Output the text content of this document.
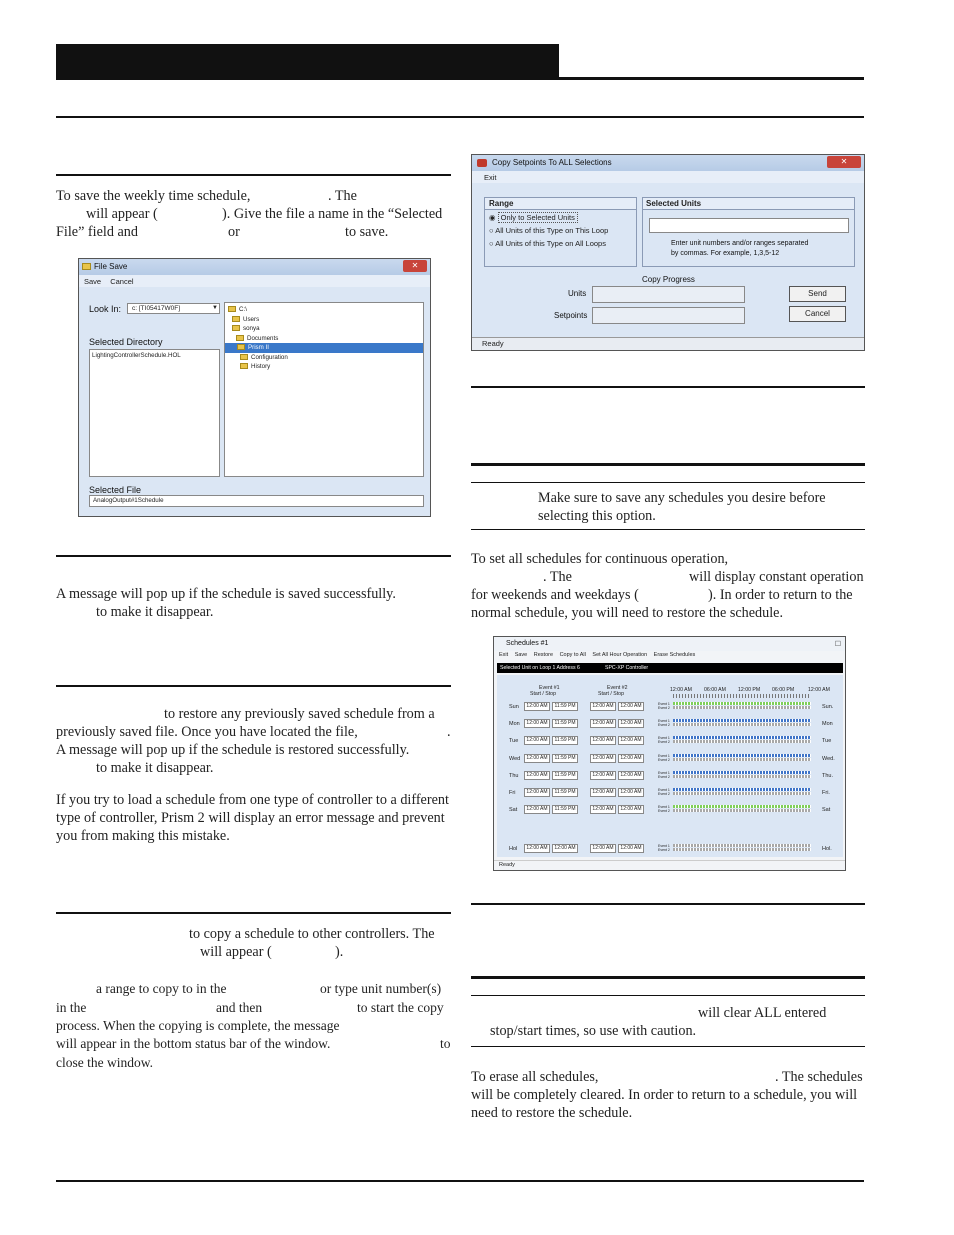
To save the weekly time schedule,	. The
will appear (	). Give the file a name in the “Selected
File” field and	or	to save.
File Save	✕
Save Cancel
Look In:	c: [TI05417W0F]	▼
Selected Directory
LightingControllerSchedule.HOL
C:\
Users
sonya
Documents
Prism II
Configuration
History
Selected File
AnalogOutput#1Schedule
A message will pop up if the schedule is saved successfully.
to make it disappear.
to restore any previously saved schedule from a
previously saved file. Once you have located the file,	.
A message will pop up if the schedule is restored successfully.
to make it disappear.
If you try to load a schedule from one type of controller to a different
type of controller, Prism 2 will display an error message and prevent
you from making this mistake.
to copy a schedule to other controllers. The
will appear (	).
a range to copy to in the	or type unit number(s)
in the	and then	to start the copy
process. When the copying is complete, the message
will appear in the bottom status bar of the window.	to
close the window.
Copy Setpoints To ALL Selections	✕
Exit
Range
◉ Only to Selected Units
○ All Units of this Type on This Loop
○ All Units of this Type on All Loops
Selected Units
Enter unit numbers and/or ranges separated
by commas. For example, 1,3,5-12
Copy Progress
Units
Setpoints
Send
Cancel
Ready
Make sure to save any schedules you desire before
selecting this option.
To set all schedules for continuous operation,
. The	will display constant operation
for weekends and weekdays (	). In order to return to the
normal schedule, you will need to restore the schedule.
Schedules #1	☐
Exit Save Restore Copy to All Set All Hour Operation Erase Schedules
Selected Unit on Loop 1 Address 6	SPC-XP Controller
Event #1
Start / Stop
Event #2
Start / Stop
12:00 AM 06:00 AM 12:00 PM 06:00 PM	12:00 AM
Sun	12:00 AM	11:59 PM	12:00 AM	12:00 AM	Event 1
Event 2	Sun.
Mon	12:00 AM	11:59 PM	12:00 AM	12:00 AM	Event 1
Event 2	Mon
Tue	12:00 AM	11:59 PM	12:00 AM	12:00 AM	Event 1
Event 2	Tue
Wed	12:00 AM	11:59 PM	12:00 AM	12:00 AM	Event 1
Event 2	Wed.
Thu	12:00 AM	11:59 PM	12:00 AM	12:00 AM	Event 1
Event 2	Thu.
Fri	12:00 AM	11:59 PM	12:00 AM	12:00 AM	Event 1
Event 2	Fri.
Sat	12:00 AM	11:59 PM	12:00 AM	12:00 AM	Event 1
Event 2	Sat
Hol	12:00 AM	12:00 AM	12:00 AM	12:00 AM	Event 1
Event 2	Hol.
Ready
will clear ALL entered
stop/start times, so use with caution.
To erase all schedules,	. The schedules
will be completely cleared. In order to return to a schedule, you will
need to restore the schedule.
